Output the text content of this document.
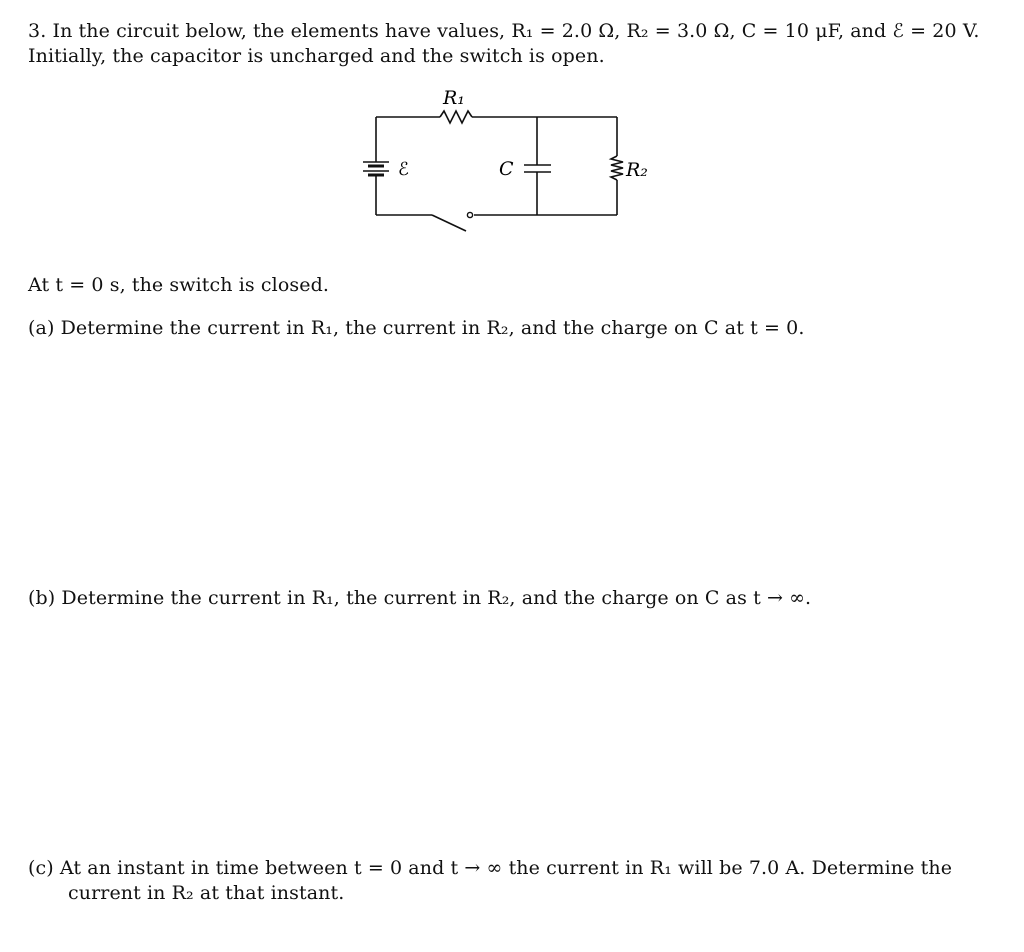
3. In the circuit below, the elements have values, R₁ = 2.0 Ω, R₂ = 3.0 Ω, C = 10 μF, and ℰ = 20 V.
Initially, the capacitor is uncharged and the switch is open.
R₁
ℰ	C	R₂
At t = 0 s, the switch is closed.
(a) Determine the current in R₁, the current in R₂, and the charge on C at t = 0.
(b) Determine the current in R₁, the current in R₂, and the charge on C as t → ∞.
(c) At an instant in time between t = 0 and t → ∞ the current in R₁ will be 7.0 A. Determine the
current in R₂ at that instant.
